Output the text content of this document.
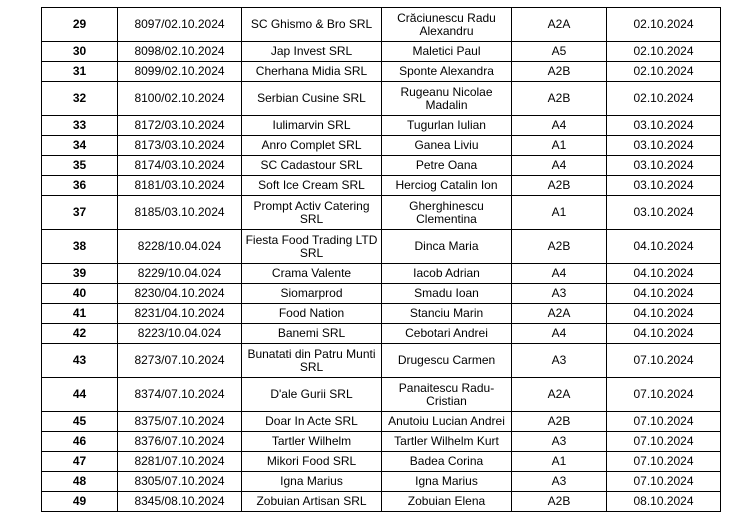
29	8097/02.10.2024	SC Ghismo & Bro SRL	Crăciunescu Radu Alexandru	A2A	02.10.2024
30	8098/02.10.2024	Jap Invest SRL	Maletici Paul	A5	02.10.2024
31	8099/02.10.2024	Cherhana Midia SRL	Sponte Alexandra	A2B	02.10.2024
32	8100/02.10.2024	Serbian Cusine SRL	Rugeanu Nicolae Madalin	A2B	02.10.2024
33	8172/03.10.2024	Iulimarvin SRL	Tugurlan Iulian	A4	03.10.2024
34	8173/03.10.2024	Anro Complet SRL	Ganea Liviu	A1	03.10.2024
35	8174/03.10.2024	SC Cadastour SRL	Petre Oana	A4	03.10.2024
36	8181/03.10.2024	Soft Ice Cream SRL	Herciog Catalin Ion	A2B	03.10.2024
37	8185/03.10.2024	Prompt Activ Catering SRL	Gherghinescu Clementina	A1	03.10.2024
38	8228/10.04.024	Fiesta Food Trading LTD SRL	Dinca Maria	A2B	04.10.2024
39	8229/10.04.024	Crama Valente	Iacob Adrian	A4	04.10.2024
40	8230/04.10.2024	Siomarprod	Smadu Ioan	A3	04.10.2024
41	8231/04.10.2024	Food Nation	Stanciu Marin	A2A	04.10.2024
42	8223/10.04.024	Banemi SRL	Cebotari Andrei	A4	04.10.2024
43	8273/07.10.2024	Bunatati din Patru Munti SRL	Drugescu Carmen	A3	07.10.2024
44	8374/07.10.2024	D'ale Gurii SRL	Panaitescu Radu-Cristian	A2A	07.10.2024
45	8375/07.10.2024	Doar In Acte SRL	Anutoiu Lucian Andrei	A2B	07.10.2024
46	8376/07.10.2024	Tartler Wilhelm	Tartler Wilhelm Kurt	A3	07.10.2024
47	8281/07.10.2024	Mikori Food SRL	Badea Corina	A1	07.10.2024
48	8305/07.10.2024	Igna Marius	Igna Marius	A3	07.10.2024
49	8345/08.10.2024	Zobuian Artisan SRL	Zobuian Elena	A2B	08.10.2024
